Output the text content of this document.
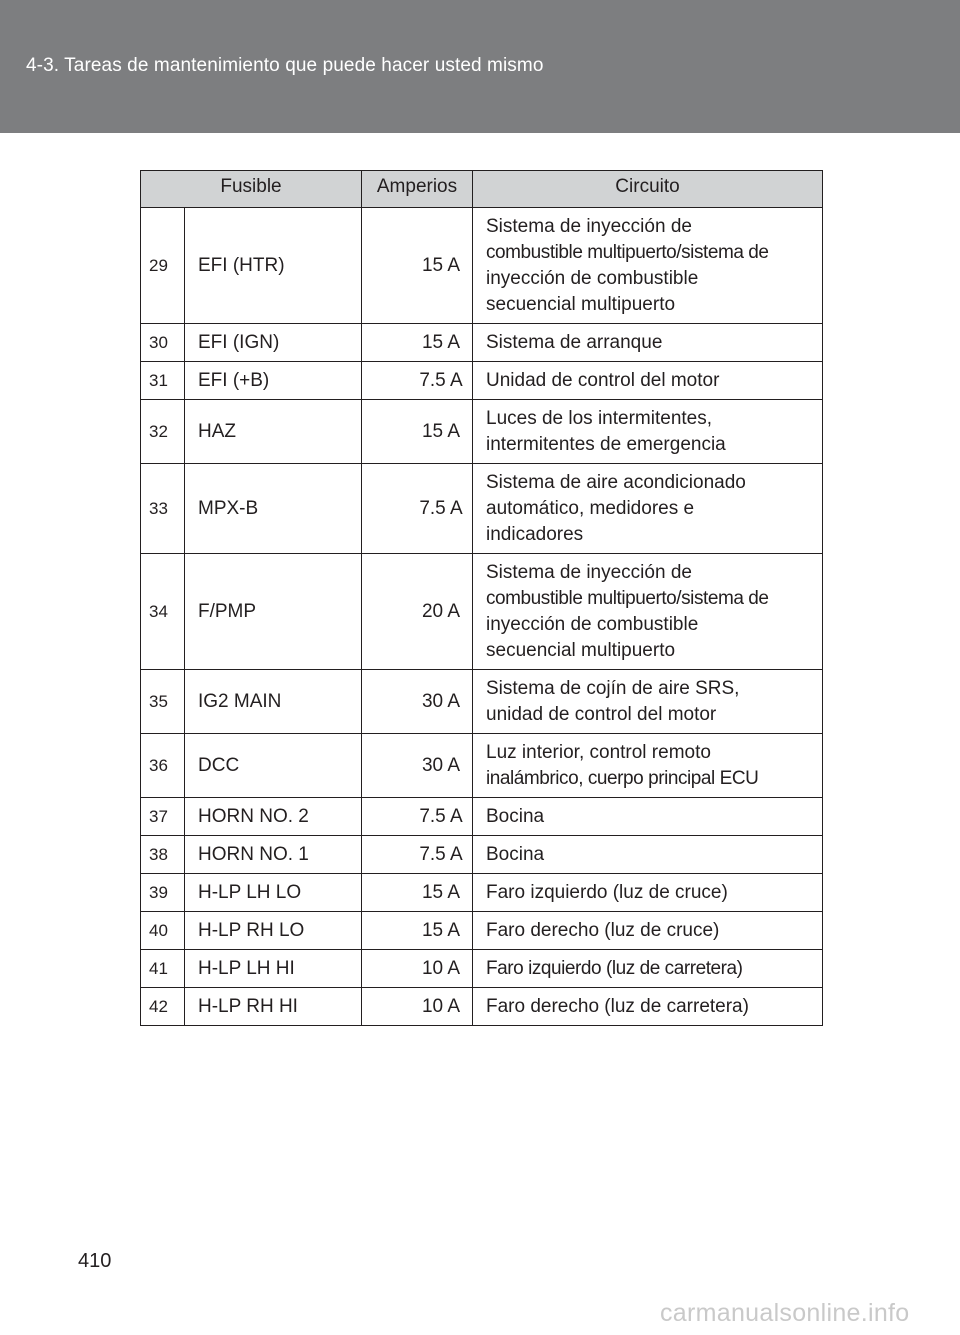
4-3. Tareas de mantenimiento que puede hacer usted mismo
Fusible		Amperios	Circuito
29	EFI (HTR)	15 A	Sistema de inyección de
combustible multipuerto/sistema de
inyección de combustible
secuencial multipuerto

30	EFI (IGN)	15 A	Sistema de arranque

31	EFI (+B)	7.5 A	Unidad de control del motor

32	HAZ	15 A	Luces de los intermitentes,
intermitentes de emergencia

33	MPX-B	7.5 A	Sistema de aire acondicionado
automático, medidores e
indicadores

34	F/PMP	20 A	Sistema de inyección de
combustible multipuerto/sistema de
inyección de combustible
secuencial multipuerto

35	IG2 MAIN	30 A	Sistema de cojín de aire SRS,
unidad de control del motor

36	DCC	30 A	Luz interior, control remoto
inalámbrico, cuerpo principal ECU

37	HORN NO. 2	7.5 A	Bocina

38	HORN NO. 1	7.5 A	Bocina

39	H-LP LH LO	15 A	Faro izquierdo (luz de cruce)

40	H-LP RH LO	15 A	Faro derecho (luz de cruce)

41	H-LP LH HI	10 A	Faro izquierdo (luz de carretera)

42	H-LP RH HI	10 A	Faro derecho (luz de carretera)
410
carmanualsonline.info
